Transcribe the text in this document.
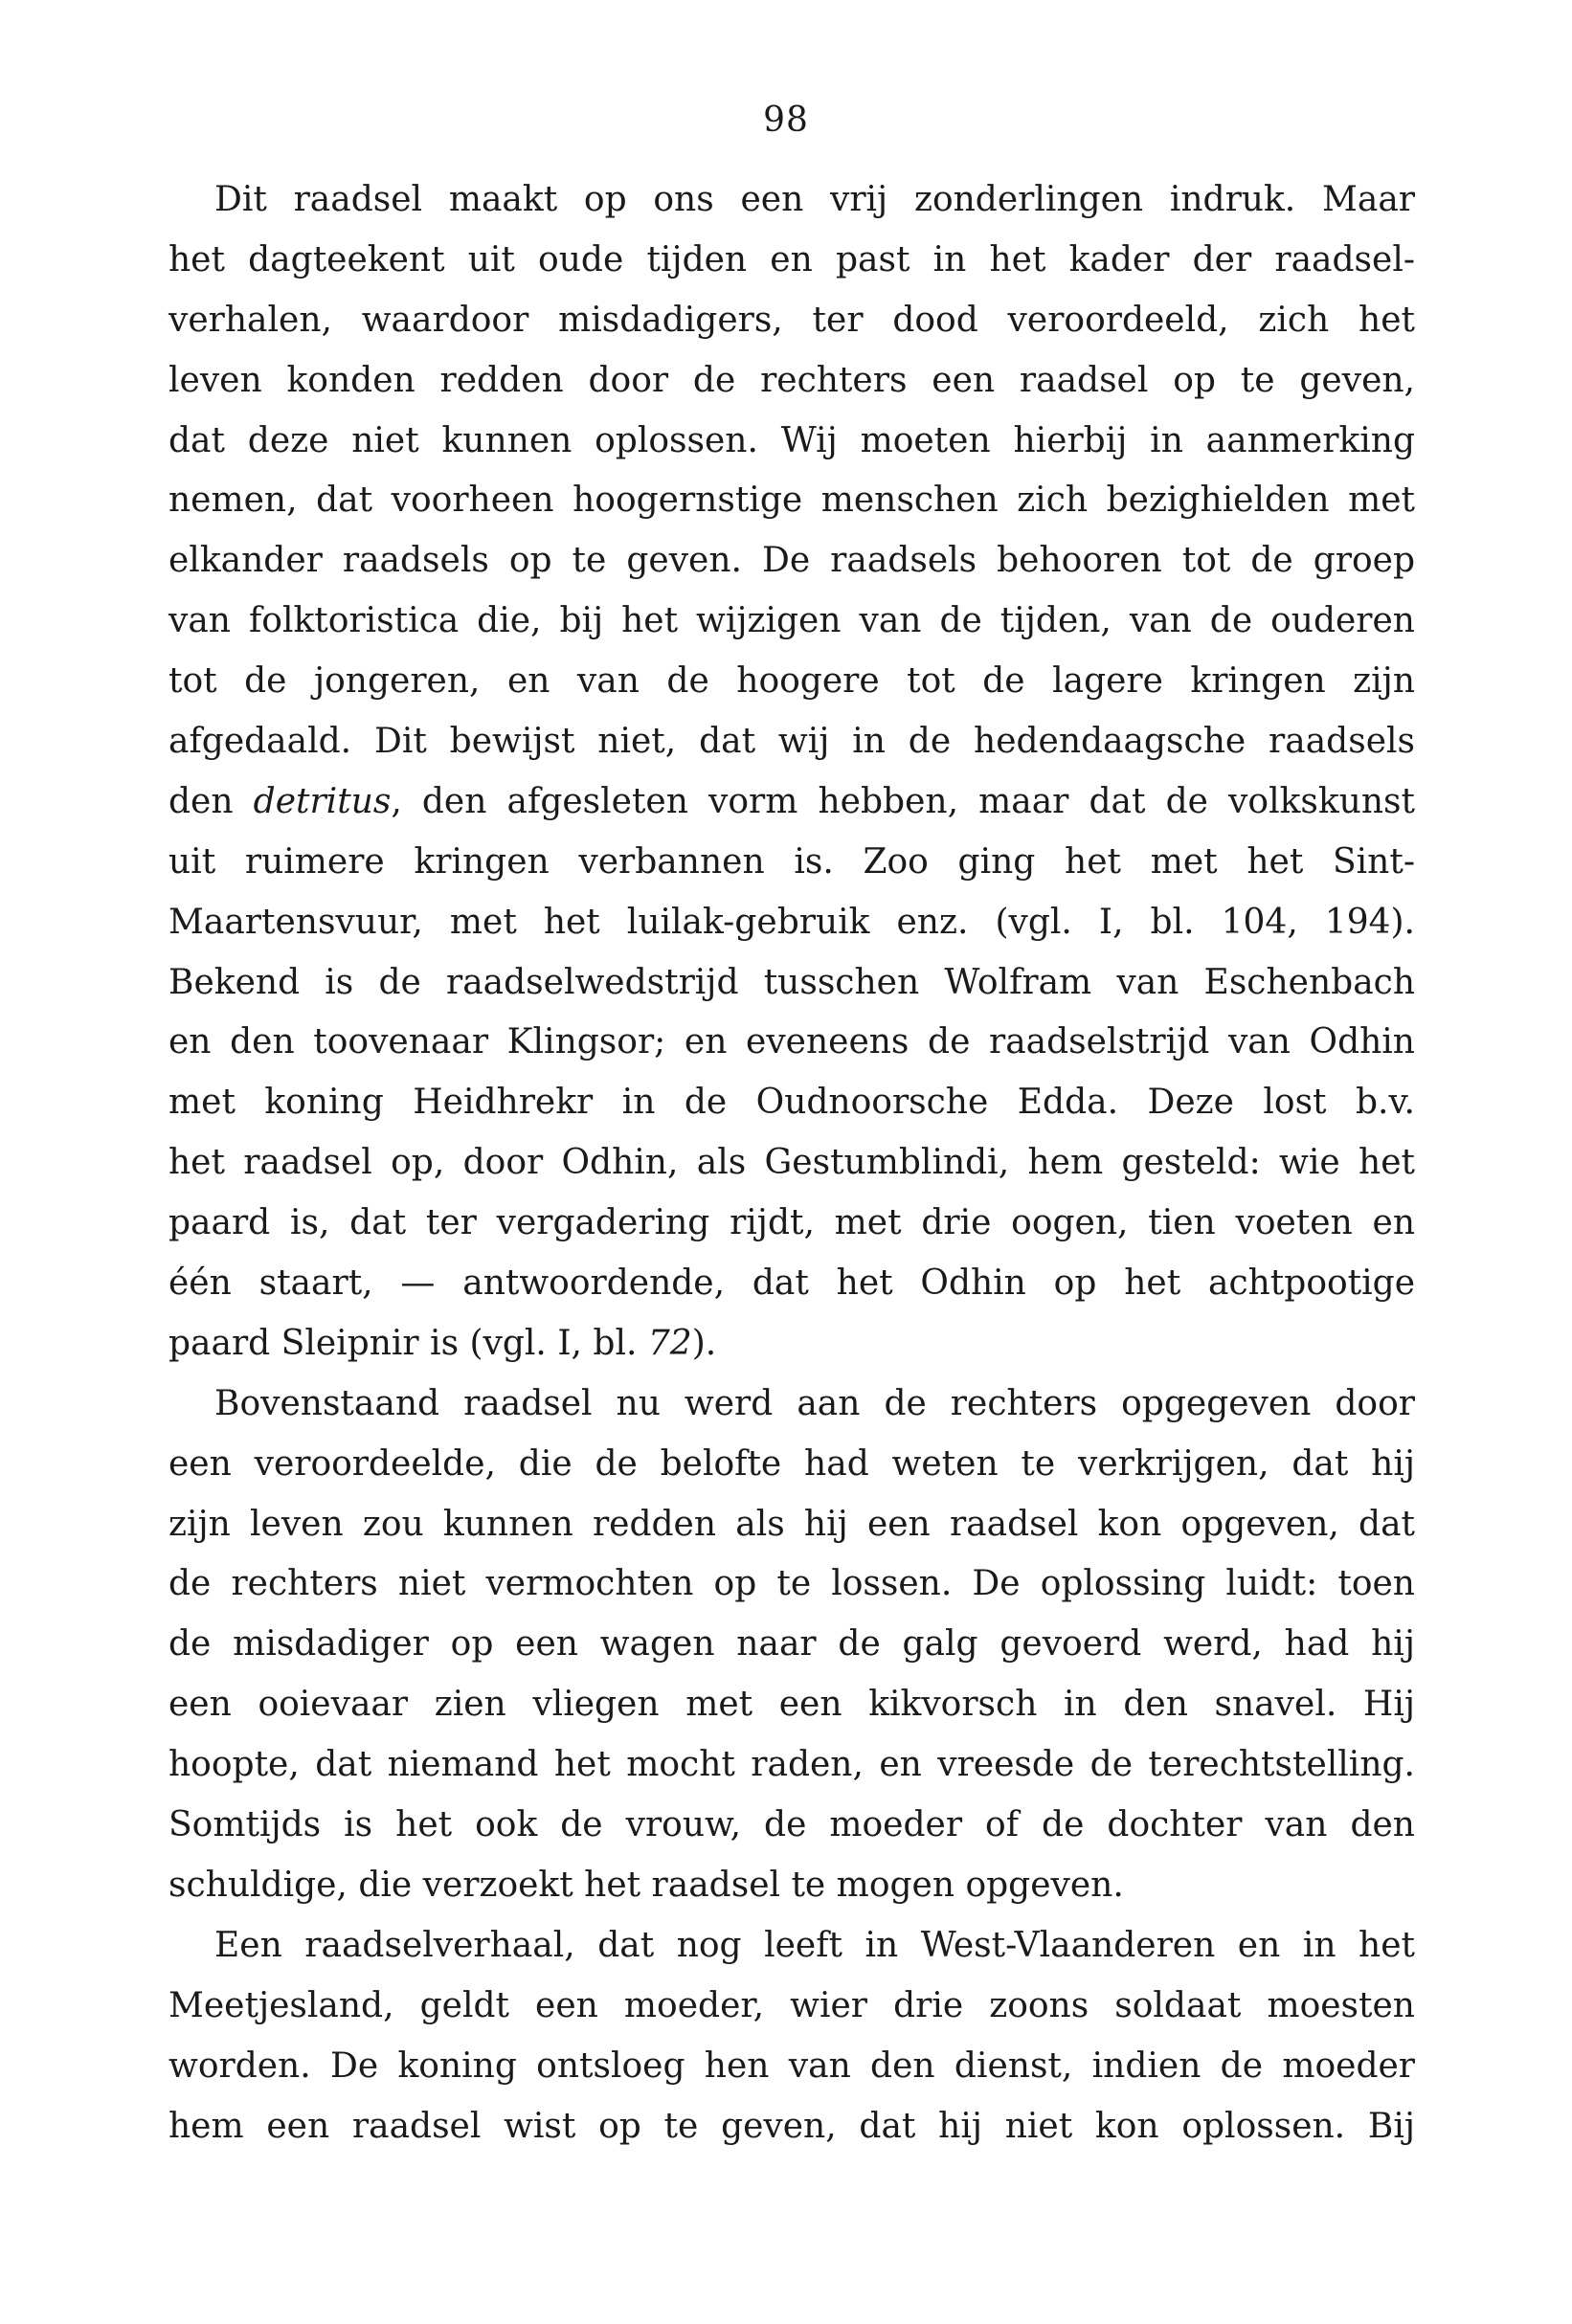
98
Dit raadsel maakt op ons een vrij zonderlingen indruk. Maar
het dagteekent uit oude tijden en past in het kader der raadsel-
verhalen, waardoor misdadigers, ter dood veroordeeld, zich het
leven konden redden door de rechters een raadsel op te geven,
dat deze niet kunnen oplossen. Wij moeten hierbij in aanmerking
nemen, dat voorheen hoogernstige menschen zich bezighielden met
elkander raadsels op te geven. De raadsels behooren tot de groep
van folktoristica die, bij het wijzigen van de tijden, van de ouderen
tot de jongeren, en van de hoogere tot de lagere kringen zijn
afgedaald. Dit bewijst niet, dat wij in de hedendaagsche raadsels
den detritus, den afgesleten vorm hebben, maar dat de volkskunst
uit ruimere kringen verbannen is. Zoo ging het met het Sint-
Maartensvuur, met het luilak-gebruik enz. (vgl. I, bl. 104, 194).
Bekend is de raadselwedstrijd tusschen Wolfram van Eschenbach
en den toovenaar Klingsor; en eveneens de raadselstrijd van Odhin
met koning Heidhrekr in de Oudnoorsche Edda. Deze lost b.v.
het raadsel op, door Odhin, als Gestumblindi, hem gesteld: wie het
paard is, dat ter vergadering rijdt, met drie oogen, tien voeten en
één staart, — antwoordende, dat het Odhin op het achtpootige
paard Sleipnir is (vgl. I, bl. 72).
Bovenstaand raadsel nu werd aan de rechters opgegeven door
een veroordeelde, die de belofte had weten te verkrijgen, dat hij
zijn leven zou kunnen redden als hij een raadsel kon opgeven, dat
de rechters niet vermochten op te lossen. De oplossing luidt: toen
de misdadiger op een wagen naar de galg gevoerd werd, had hij
een ooievaar zien vliegen met een kikvorsch in den snavel. Hij
hoopte, dat niemand het mocht raden, en vreesde de terechtstelling.
Somtijds is het ook de vrouw, de moeder of de dochter van den
schuldige, die verzoekt het raadsel te mogen opgeven.
Een raadselverhaal, dat nog leeft in West-Vlaanderen en in het
Meetjesland, geldt een moeder, wier drie zoons soldaat moesten
worden. De koning ontsloeg hen van den dienst, indien de moeder
hem een raadsel wist op te geven, dat hij niet kon oplossen. Bij
